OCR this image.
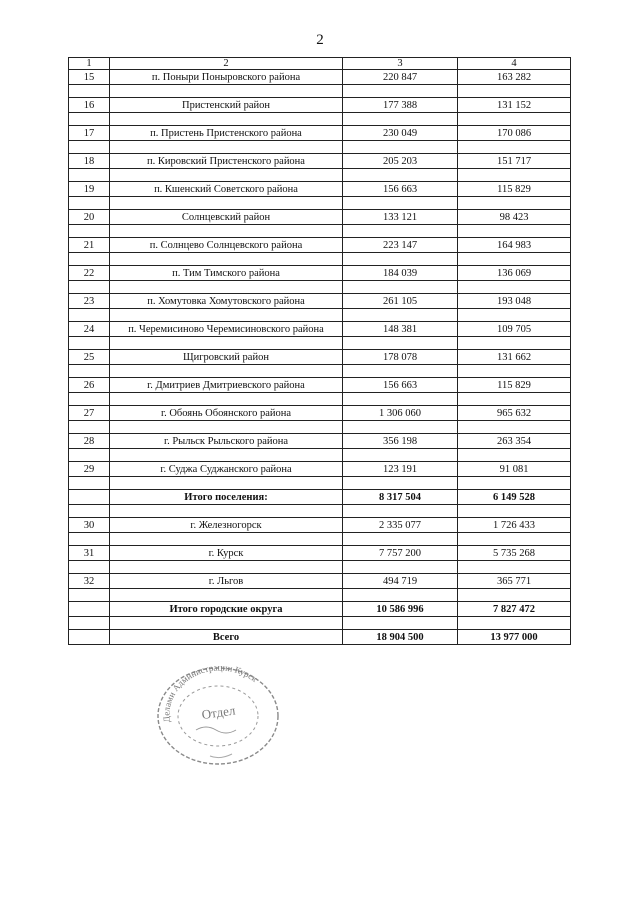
2
1	2	3	4
15	п. Поныри Поныровского района	220 847	163 282

16	Пристенский район	177 388	131 152

17	п. Пристень Пристенского района	230 049	170 086

18	п. Кировский Пристенского района	205 203	151 717

19	п. Кшенский Советского района	156 663	115 829

20	Солнцевский район	133 121	98 423

21	п. Солнцево Солнцевского района	223 147	164 983

22	п. Тим Тимского района	184 039	136 069

23	п. Хомутовка Хомутовского района	261 105	193 048

24	п. Черемисиново Черемисиновского района	148 381	109 705

25	Щигровский район	178 078	131 662

26	г. Дмитриев Дмитриевского района	156 663	115 829

27	г. Обоянь Обоянского района	1 306 060	965 632

28	г. Рыльск Рыльского района	356 198	263 354

29	г. Суджа Суджанского района	123 191	91 081

	Итого поселения:	8 317 504	6 149 528

30	г. Железногорск	2 335 077	1 726 433

31	г. Курск	7 757 200	5 735 268

32	г. Льгов	494 719	365 771

	Итого городские округа	10 586 996	7 827 472

	Всего	18 904 500	13 977 000
Делами Администрации Курск
Отдел
